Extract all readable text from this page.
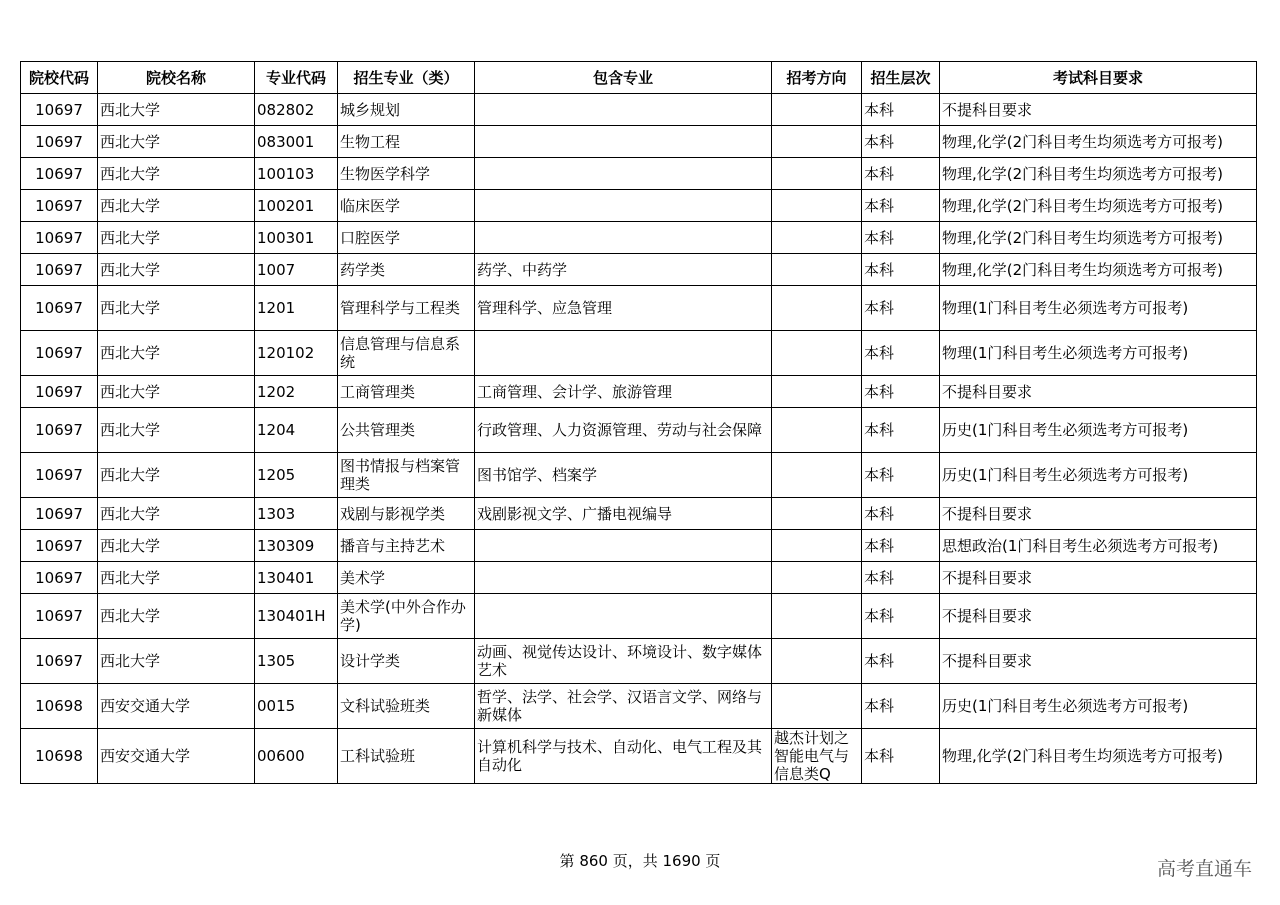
院校代码	院校名称	专业代码	招生专业（类）	包含专业	招考方向	招生层次	考试科目要求
10697	西北大学	082802	城乡规划			本科	不提科目要求
10697	西北大学	083001	生物工程			本科	物理,化学(2门科目考生均须选考方可报考)
10697	西北大学	100103	生物医学科学			本科	物理,化学(2门科目考生均须选考方可报考)
10697	西北大学	100201	临床医学			本科	物理,化学(2门科目考生均须选考方可报考)
10697	西北大学	100301	口腔医学			本科	物理,化学(2门科目考生均须选考方可报考)
10697	西北大学	1007	药学类	药学、中药学		本科	物理,化学(2门科目考生均须选考方可报考)
10697	西北大学	1201	管理科学与工程类	管理科学、应急管理		本科	物理(1门科目考生必须选考方可报考)
10697	西北大学	120102	信息管理与信息系统			本科	物理(1门科目考生必须选考方可报考)
10697	西北大学	1202	工商管理类	工商管理、会计学、旅游管理		本科	不提科目要求
10697	西北大学	1204	公共管理类	行政管理、人力资源管理、劳动与社会保障		本科	历史(1门科目考生必须选考方可报考)
10697	西北大学	1205	图书情报与档案管理类	图书馆学、档案学		本科	历史(1门科目考生必须选考方可报考)
10697	西北大学	1303	戏剧与影视学类	戏剧影视文学、广播电视编导		本科	不提科目要求
10697	西北大学	130309	播音与主持艺术			本科	思想政治(1门科目考生必须选考方可报考)
10697	西北大学	130401	美术学			本科	不提科目要求
10697	西北大学	130401H	美术学(中外合作办学)			本科	不提科目要求
10697	西北大学	1305	设计学类	动画、视觉传达设计、环境设计、数字媒体艺术		本科	不提科目要求
10698	西安交通大学	0015	文科试验班类	哲学、法学、社会学、汉语言文学、网络与新媒体		本科	历史(1门科目考生必须选考方可报考)
10698	西安交通大学	00600	工科试验班	计算机科学与技术、自动化、电气工程及其自动化	越杰计划之智能电气与信息类Q	本科	物理,化学(2门科目考生均须选考方可报考)
第 860 页，共 1690 页	高考直通车
